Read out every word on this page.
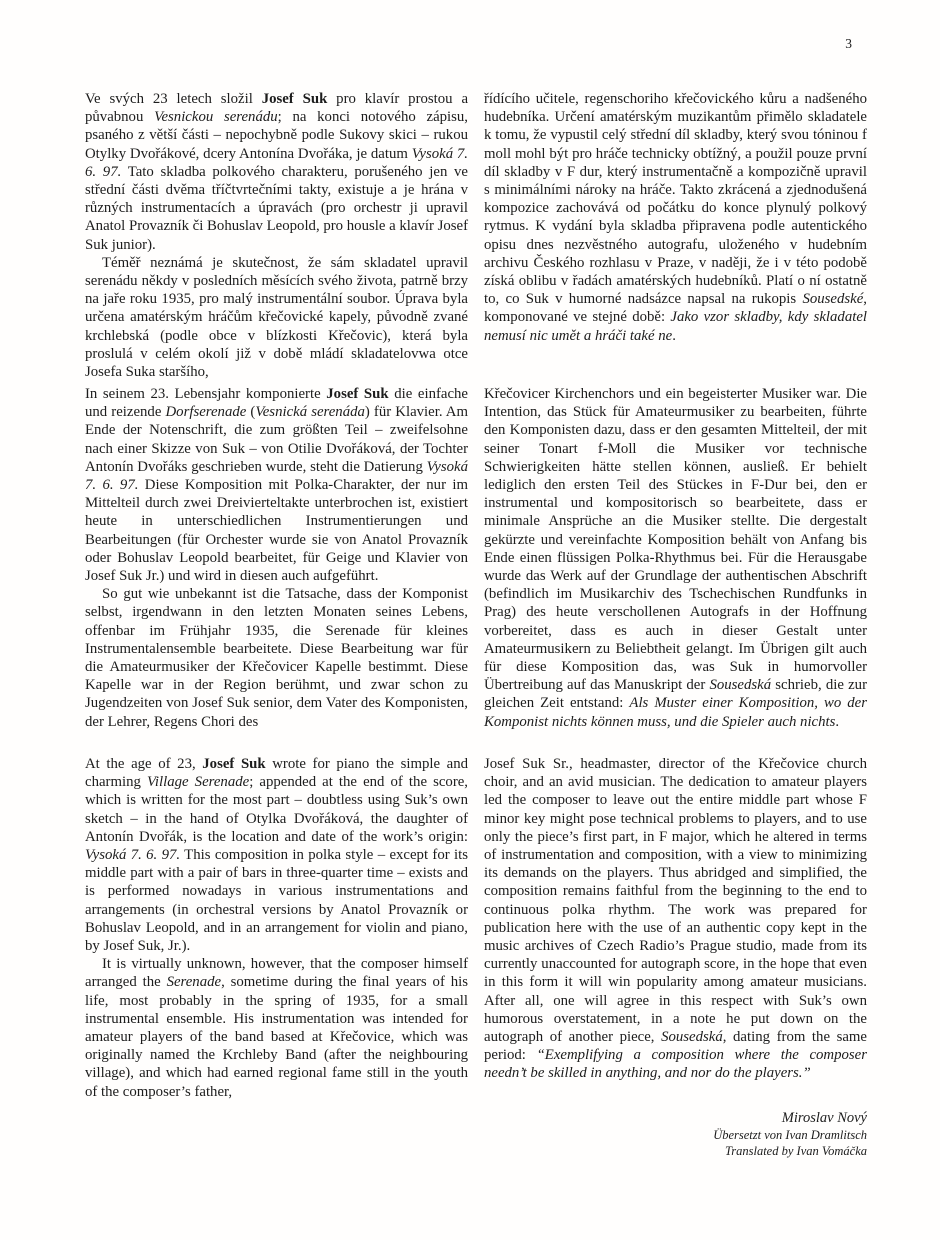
3

Ve svých 23 letech složil Josef Suk pro klavír prostou a půvabnou Vesnickou serenádu; na konci notového zápisu, psaného z větší části – nepochybně podle Sukovy skici – rukou Otylky Dvořákové, dcery Antonína Dvořáka, je datum Vysoká 7. 6. 97. Tato skladba polkového charakteru, porušeného jen ve střední části dvěma tříčtvrtečními takty, existuje a je hrána v různých instrumentacích a úpravách (pro orchestr ji upravil Anatol Provazník či Bohuslav Leopold, pro housle a klavír Josef Suk junior).

Téměř neznámá je skutečnost, že sám skladatel upravil serenádu někdy v posledních měsících svého života, patrně brzy na jaře roku 1935, pro malý instrumentální soubor. Úprava byla určena amatérským hráčům křečovické kapely, původně zvané krchlebská (podle obce v blízkosti Křečovic), která byla proslulá v celém okolí již v době mládí skladatelovwa otce Josefa Suka staršího,

řídícího učitele, regenschoriho křečovického kůru a nadšeného hudebníka. Určení amatérským muzikantům přimělo skladatele k tomu, že vypustil celý střední díl skladby, který svou tóninou f moll mohl být pro hráče technicky obtížný, a použil pouze první díl skladby v F dur, který instrumentačně a kompozičně upravil s minimálními nároky na hráče. Takto zkrácená a zjednodušená kompozice zachovává od počátku do konce plynulý polkový rytmus. K vydání byla skladba připravena podle autentického opisu dnes nezvěstného autografu, uloženého v hudebním archivu Českého rozhlasu v Praze, v naději, že i v této podobě získá oblibu v řadách amatérských hudebníků. Platí o ní ostatně to, co Suk v humorné nadsázce napsal na rukopis Sousedské, komponované ve stejné době: Jako vzor skladby, kdy skladatel nemusí nic umět a hráči také ne.

In seinem 23. Lebensjahr komponierte Josef Suk die einfache und reizende Dorfserenade (Vesnická serenáda) für Klavier. Am Ende der Notenschrift, die zum größten Teil – zweifelsohne nach einer Skizze von Suk – von Otilie Dvořáková, der Tochter Antonín Dvořáks geschrieben wurde, steht die Datierung Vysoká 7. 6. 97. Diese Komposition mit Polka-Charakter, der nur im Mittelteil durch zwei Dreivierteltakte unterbrochen ist, existiert heute in unterschiedlichen Instrumentierungen und Bearbeitungen (für Orchester wurde sie von Anatol Provazník oder Bohuslav Leopold bearbeitet, für Geige und Klavier von Josef Suk Jr.) und wird in diesen auch aufgeführt.

So gut wie unbekannt ist die Tatsache, dass der Komponist selbst, irgendwann in den letzten Monaten seines Lebens, offenbar im Frühjahr 1935, die Serenade für kleines Instrumentalensemble bearbeitete. Diese Bearbeitung war für die Amateurmusiker der Křečovicer Kapelle bestimmt. Diese Kapelle war in der Region berühmt, und zwar schon zu Jugendzeiten von Josef Suk senior, dem Vater des Komponisten, der Lehrer, Regens Chori des

Křečovicer Kirchenchors und ein begeisterter Musiker war. Die Intention, das Stück für Amateurmusiker zu bearbeiten, führte den Komponisten dazu, dass er den gesamten Mittelteil, der mit seiner Tonart f-Moll die Musiker vor technische Schwierigkeiten hätte stellen können, ausließ. Er behielt lediglich den ersten Teil des Stückes in F-Dur bei, den er instrumental und kompositorisch so bearbeitete, dass er minimale Ansprüche an die Musiker stellte. Die dergestalt gekürzte und vereinfachte Komposition behält von Anfang bis Ende einen flüssigen Polka-Rhythmus bei. Für die Herausgabe wurde das Werk auf der Grundlage der authentischen Abschrift (befindlich im Musikarchiv des Tschechischen Rundfunks in Prag) des heute verschollenen Autografs in der Hoffnung vorbereitet, dass es auch in dieser Gestalt unter Amateurmusikern zu Beliebtheit gelangt. Im Übrigen gilt auch für diese Komposition das, was Suk in humorvoller Übertreibung auf das Manuskript der Sousedská schrieb, die zur gleichen Zeit entstand: Als Muster einer Komposition, wo der Komponist nichts können muss, und die Spieler auch nichts.

At the age of 23, Josef Suk wrote for piano the simple and charming Village Serenade; appended at the end of the score, which is written for the most part – doubtless using Suk’s own sketch – in the hand of Otylka Dvořáková, the daughter of Antonín Dvořák, is the location and date of the work’s origin: Vysoká 7. 6. 97. This composition in polka style – except for its middle part with a pair of bars in three-quarter time – exists and is performed nowadays in various instrumentations and arrangements (in orchestral versions by Anatol Provazník or Bohuslav Leopold, and in an arrangement for violin and piano, by Josef Suk, Jr.).

It is virtually unknown, however, that the composer himself arranged the Serenade, sometime during the final years of his life, most probably in the spring of 1935, for a small instrumental ensemble. His instrumentation was intended for amateur players of the band based at Křečovice, which was originally named the Krchleby Band (after the neighbouring village), and which had earned regional fame still in the youth of the composer’s father,

Josef Suk Sr., headmaster, director of the Křečovice church choir, and an avid musician. The dedication to amateur players led the composer to leave out the entire middle part whose F minor key might pose technical problems to players, and to use only the piece’s first part, in F major, which he altered in terms of instrumentation and composition, with a view to minimizing its demands on the players. Thus abridged and simplified, the composition remains faithful from the beginning to the end to continuous polka rhythm. The work was prepared for publication here with the use of an authentic copy kept in the music archives of Czech Radio’s Prague studio, made from its currently unaccounted for autograph score, in the hope that even in this form it will win popularity among amateur musicians. After all, one will agree in this respect with Suk’s own humorous overstatement, in a note he put down on the autograph of another piece, Sousedská, dating from the same period: “Exemplifying a composition where the composer needn’t be skilled in anything, and nor do the players.”

Miroslav Nový
Übersetzt von Ivan Dramlitsch
Translated by Ivan Vomáčka
